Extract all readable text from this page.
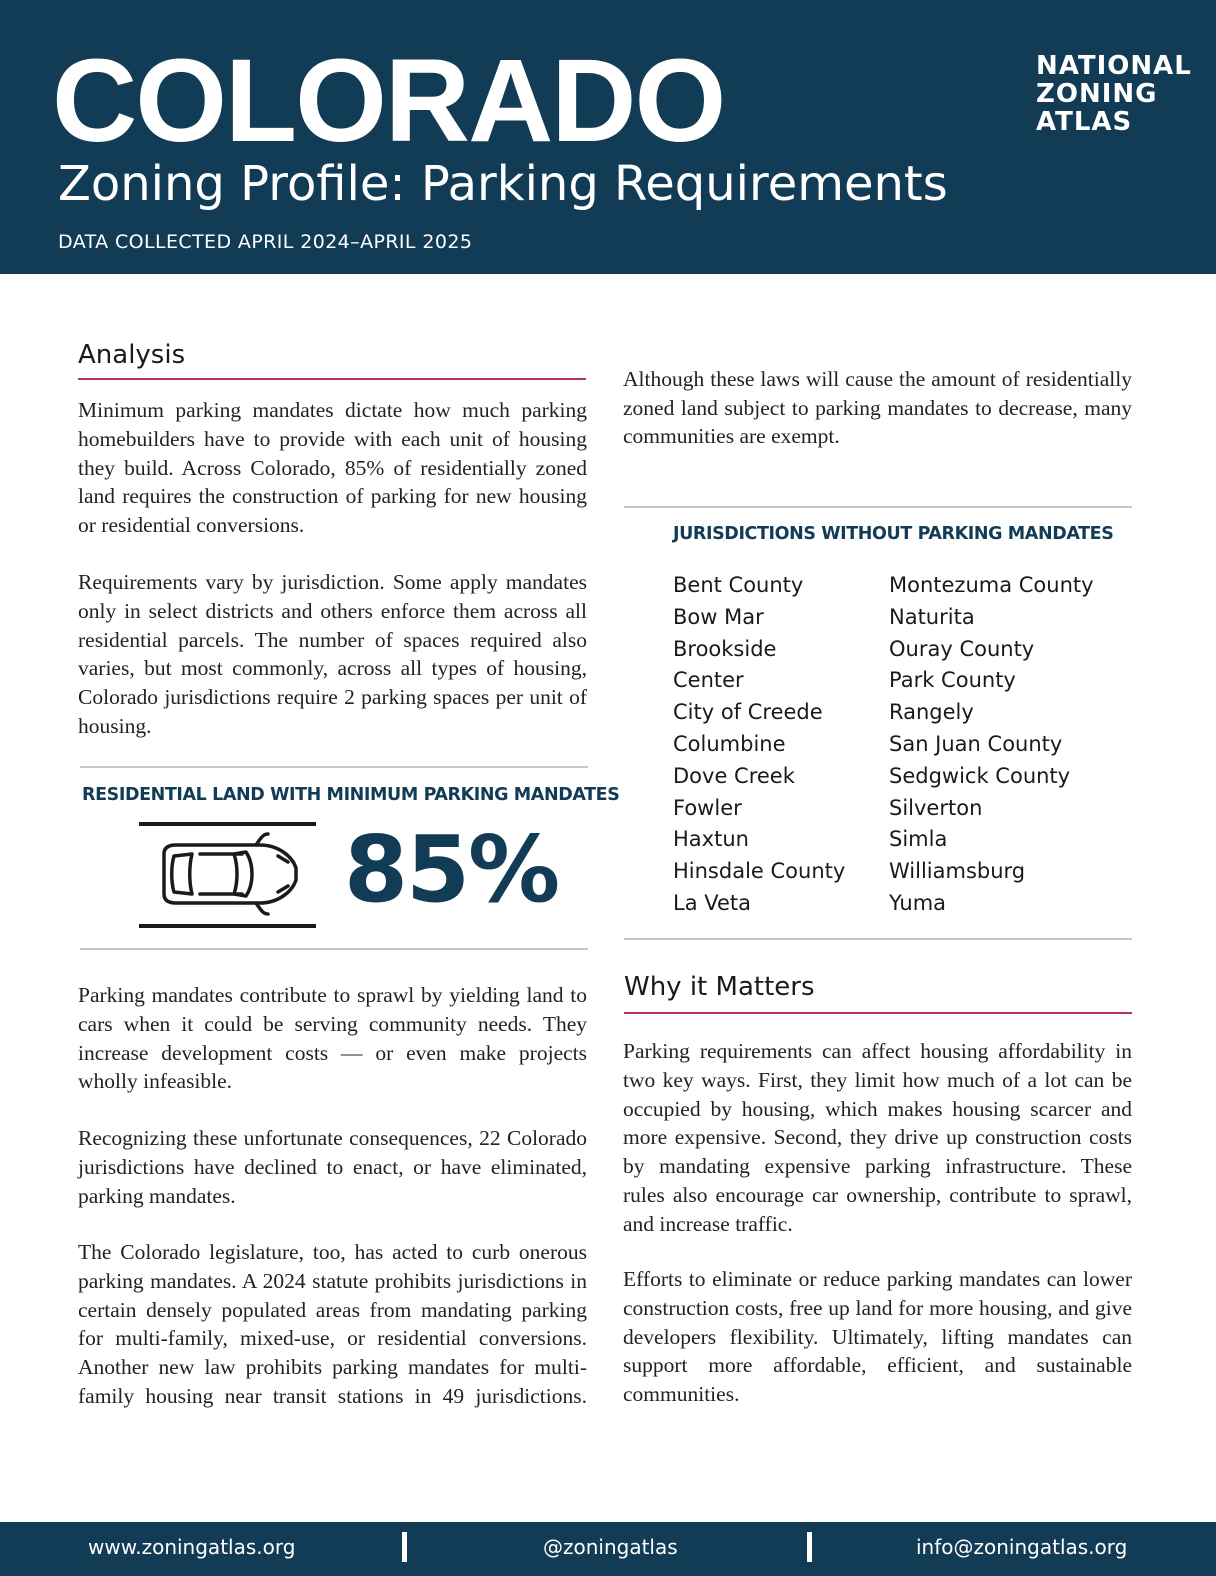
COLORADO
Zoning Profile: Parking Requirements
DATA COLLECTED APRIL 2024–APRIL 2025
NATIONAL
ZONING
ATLAS
Analysis

Minimum parking mandates dictate how much parking homebuilders have to provide with each unit of housing they build. Across Colorado, 85% of residentially zoned land requires the construction of parking for new housing or residential conversions.

Requirements vary by jurisdiction. Some apply mandates only in select districts and others enforce them across all residential parcels. The number of spaces required also varies, but most commonly, across all types of housing, Colorado jurisdictions require 2 parking spaces per unit of housing.

RESIDENTIAL LAND WITH MINIMUM PARKING MANDATES
85%

Parking mandates contribute to sprawl by yielding land to cars when it could be serving community needs. They increase development costs — or even make projects wholly infeasible.

Recognizing these unfortunate consequences, 22 Colorado jurisdictions have declined to enact, or have eliminated, parking mandates.

The Colorado legislature, too, has acted to curb onerous parking mandates. A 2024 statute prohibits jurisdictions in certain densely populated areas from mandating parking for multi-family, mixed-use, or residential conversions. Another new law prohibits parking mandates for multi-family housing near transit stations in 49 jurisdictions.

Although these laws will cause the amount of residentially zoned land subject to parking mandates to decrease, many communities are exempt.

JURISDICTIONS WITHOUT PARKING MANDATES
Bent County
Bow Mar
Brookside
Center
City of Creede
Columbine
Dove Creek
Fowler
Haxtun
Hinsdale County
La Veta
Montezuma County
Naturita
Ouray County
Park County
Rangely
San Juan County
Sedgwick County
Silverton
Simla
Williamsburg
Yuma
Why it Matters

Parking requirements can affect housing affordability in two key ways. First, they limit how much of a lot can be occupied by housing, which makes housing scarcer and more expensive. Second, they drive up construction costs by mandating expensive parking infrastructure. These rules also encourage car ownership, contribute to sprawl, and increase traffic.

Efforts to eliminate or reduce parking mandates can lower construction costs, free up land for more housing, and give developers flexibility. Ultimately, lifting mandates can support more affordable, efficient, and sustainable communities.

www.zoningatlas.org	@zoningatlas	info@zoningatlas.org
